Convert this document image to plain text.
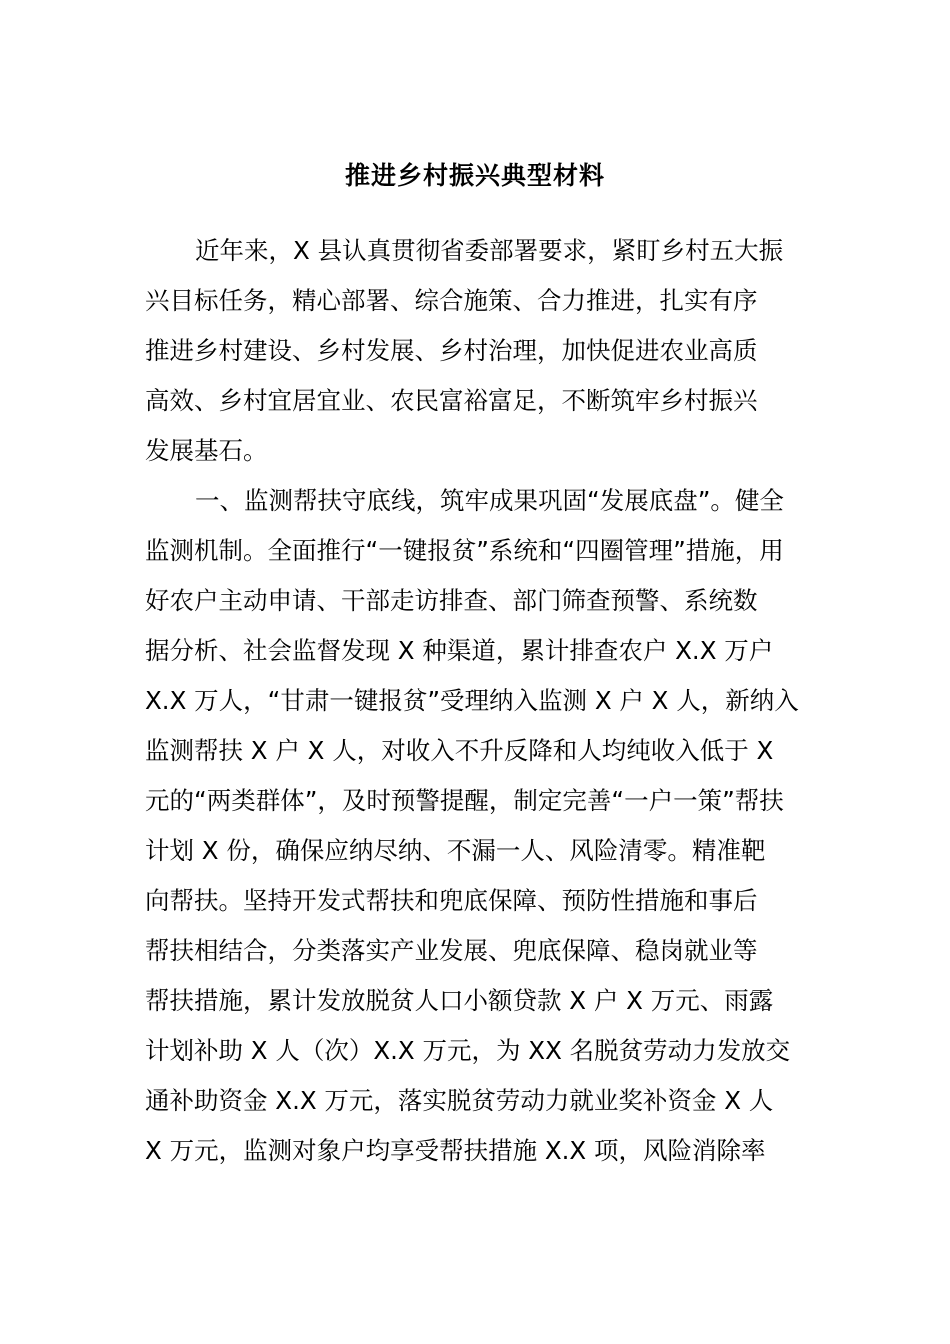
推进乡村振兴典型材料
近年来，X 县认真贯彻省委部署要求，紧盯乡村五大振
兴目标任务，精心部署、综合施策、合力推进，扎实有序
推进乡村建设、乡村发展、乡村治理，加快促进农业高质
高效、乡村宜居宜业、农民富裕富足，不断筑牢乡村振兴
发展基石。
一、监测帮扶守底线，筑牢成果巩固“发展底盘”。健全
监测机制。全面推行“一键报贫”系统和“四圈管理”措施，用
好农户主动申请、干部走访排查、部门筛查预警、系统数
据分析、社会监督发现 X 种渠道，累计排查农户 X.X 万户
X.X 万人，“甘肃一键报贫”受理纳入监测 X 户 X 人，新纳入
监测帮扶 X 户 X 人，对收入不升反降和人均纯收入低于 X
元的“两类群体”，及时预警提醒，制定完善“一户一策”帮扶
计划 X 份，确保应纳尽纳、不漏一人、风险清零。精准靶
向帮扶。坚持开发式帮扶和兜底保障、预防性措施和事后
帮扶相结合，分类落实产业发展、兜底保障、稳岗就业等
帮扶措施，累计发放脱贫人口小额贷款 X 户 X 万元、雨露
计划补助 X 人（次）X.X 万元，为 XX 名脱贫劳动力发放交
通补助资金 X.X 万元，落实脱贫劳动力就业奖补资金 X 人
X 万元，监测对象户均享受帮扶措施 X.X 项，风险消除率
